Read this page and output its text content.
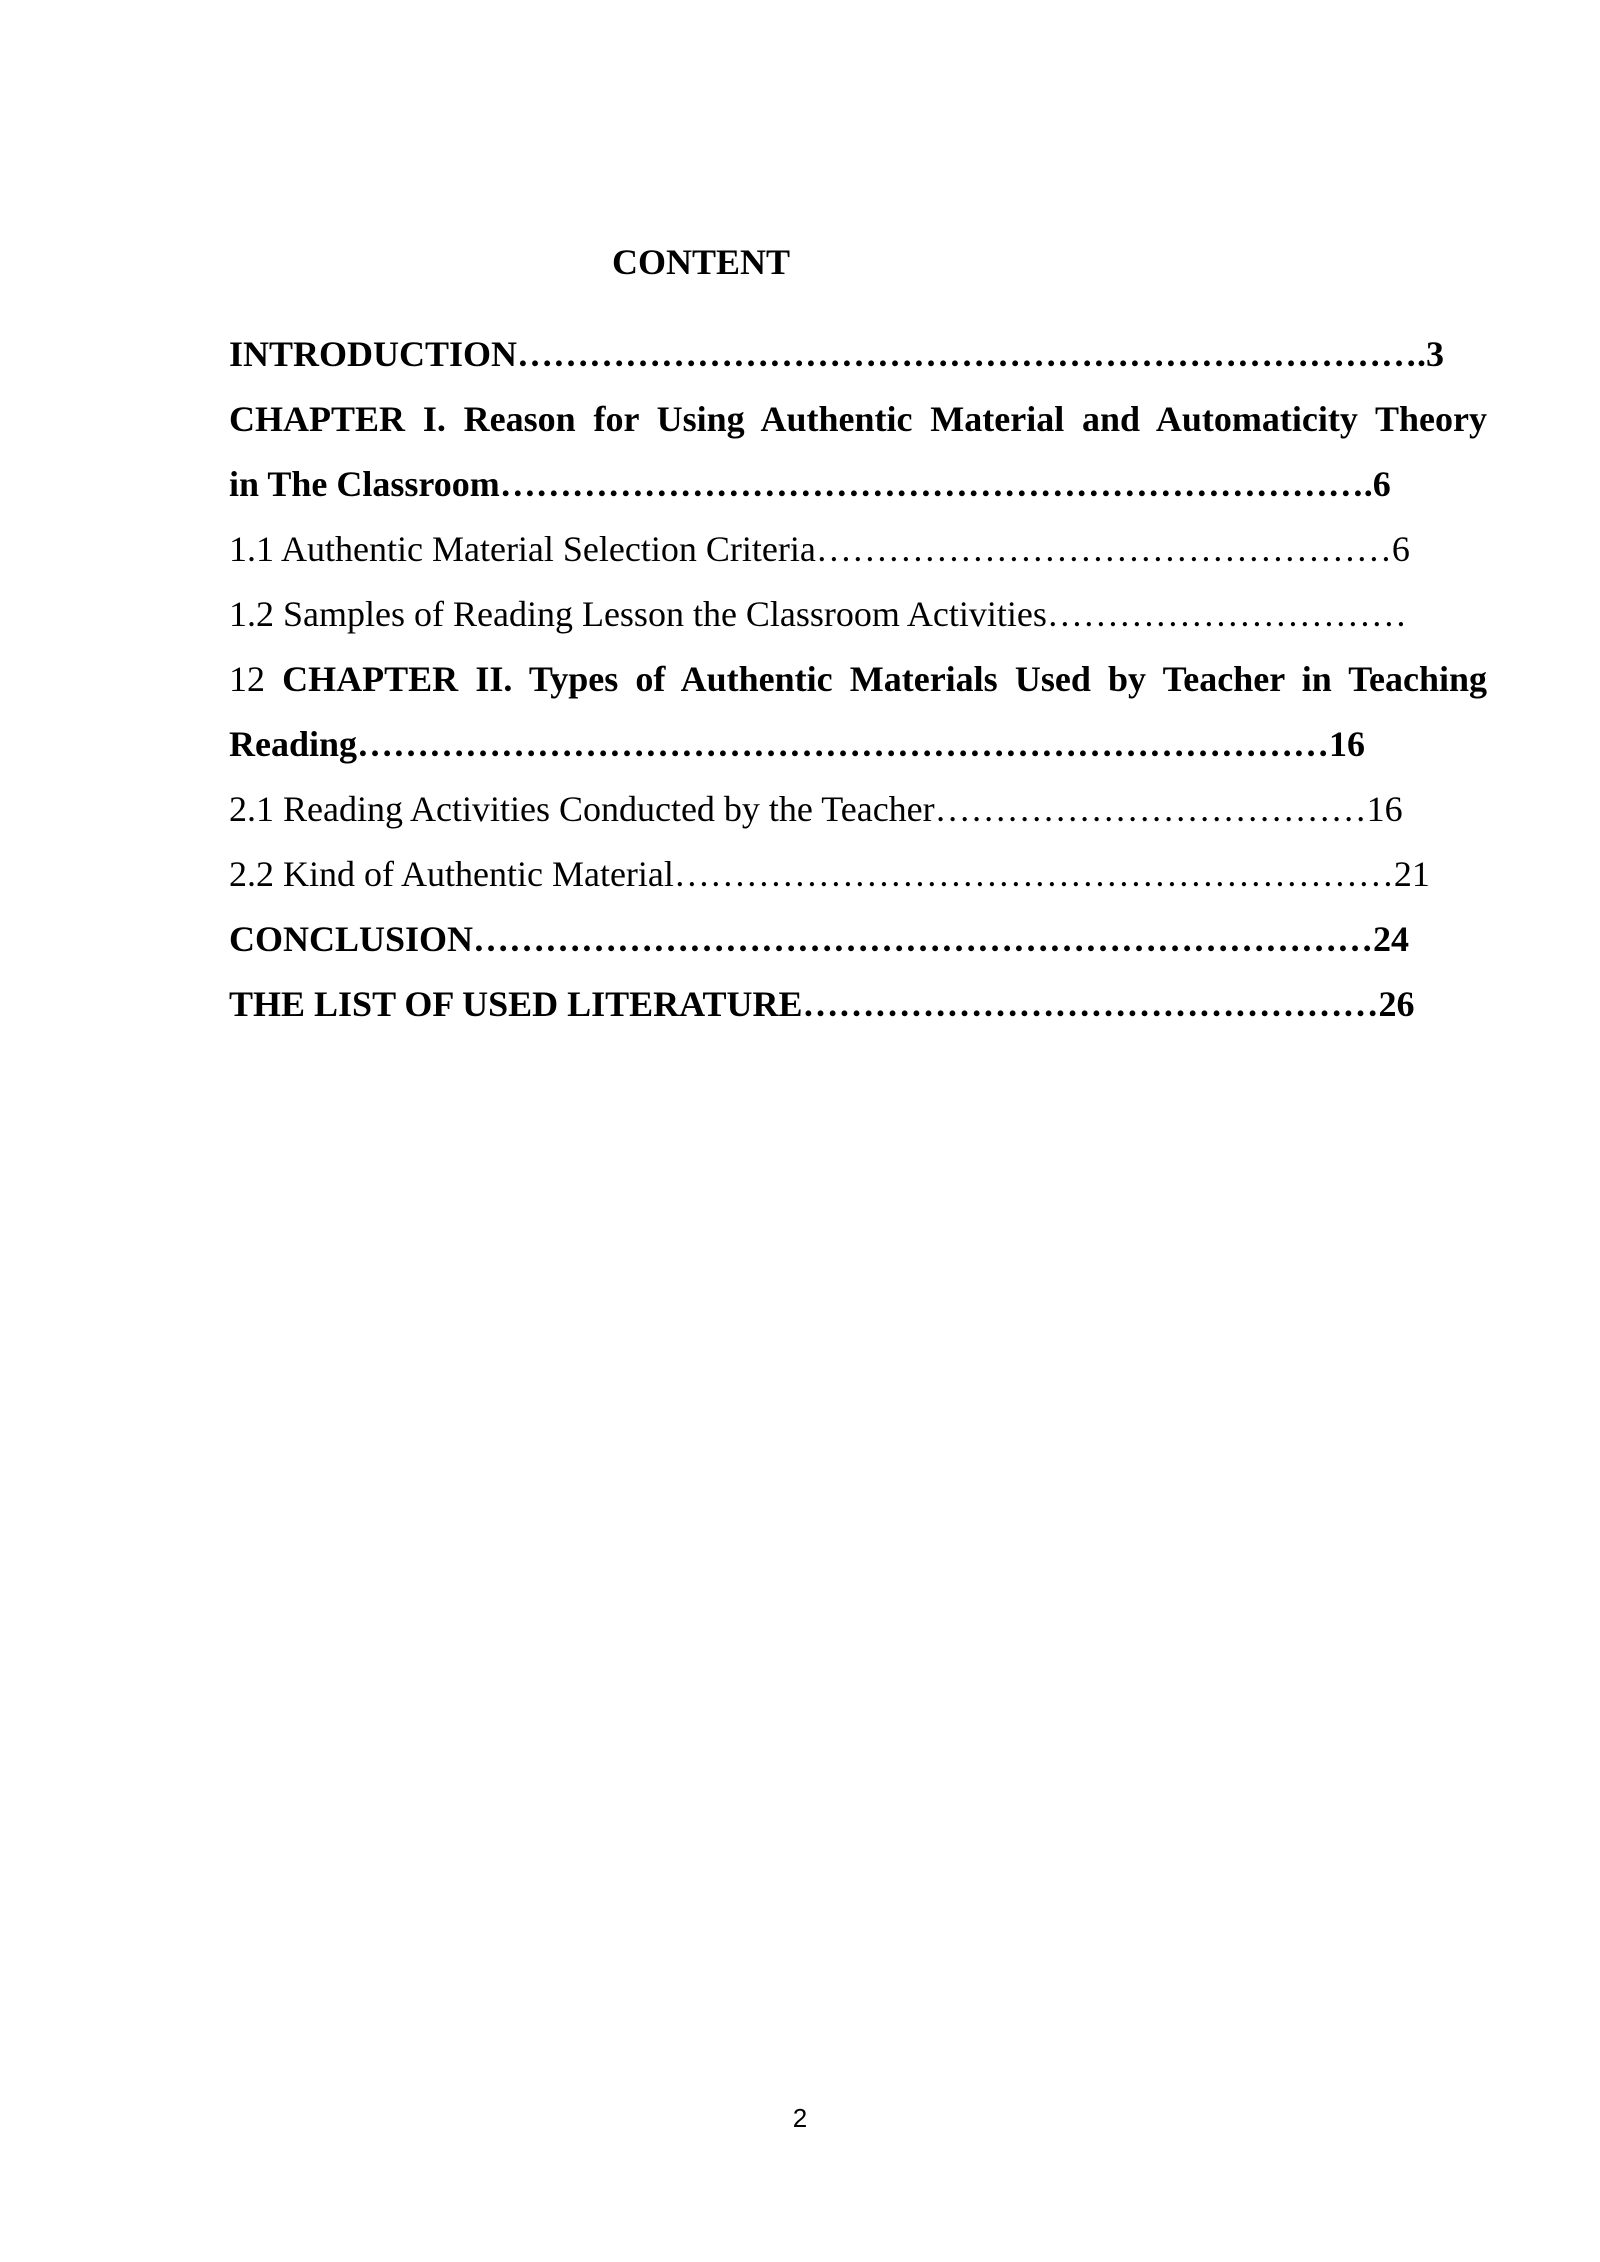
CONTENT
INTRODUCTION………………………………………………………………….3
CHAPTER I. Reason for Using Authentic Material and Automaticity Theory
in The Classroom……………………………………………………………….6
1.1 Authentic Material Selection Criteria…………………………………………6
1.2 Samples of Reading Lesson the Classroom Activities…………………………
12 CHAPTER II. Types of Authentic Materials Used by Teacher in Teaching
Reading………………………………………………………………………16
2.1 Reading Activities Conducted by the Teacher………………………………16
2.2 Kind of Authentic Material……………………………………………………21
CONCLUSION…………………………………………………………………24
THE LIST OF USED LITERATURE…………………………………………26
2
